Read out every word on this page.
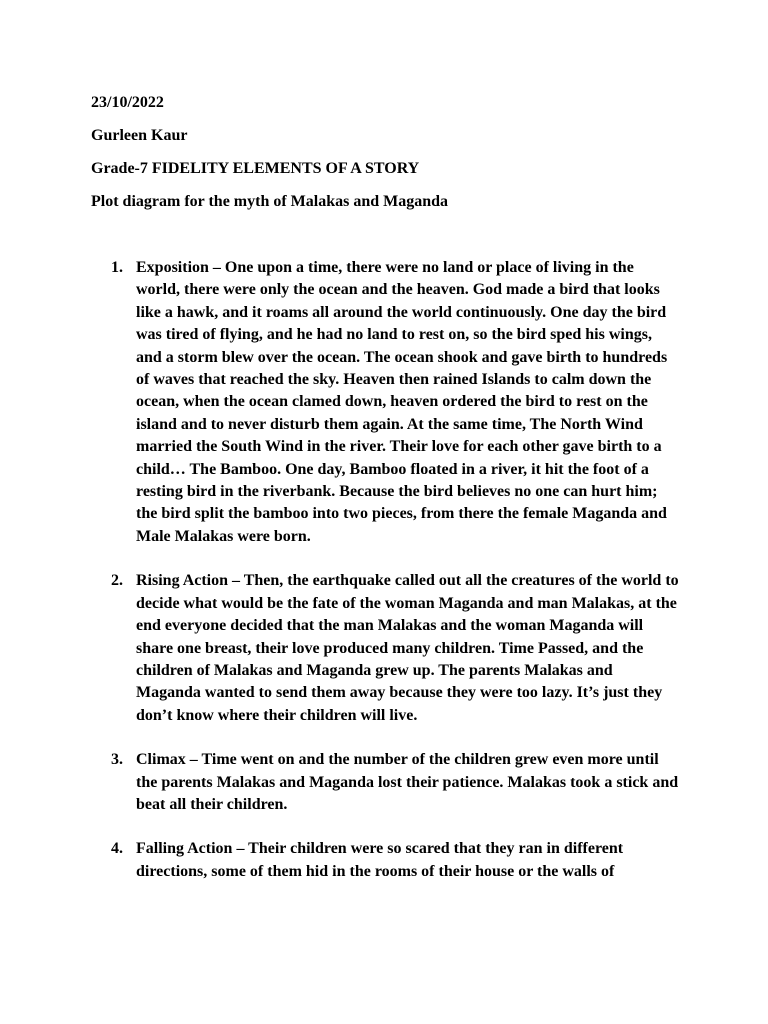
23/10/2022
Gurleen Kaur
Grade-7 FIDELITY ELEMENTS OF A STORY
Plot diagram for the myth of Malakas and Maganda
1. Exposition – One upon a time, there were no land or place of living in the world, there were only the ocean and the heaven. God made a bird that looks like a hawk, and it roams all around the world continuously. One day the bird was tired of flying, and he had no land to rest on, so the bird sped his wings, and a storm blew over the ocean. The ocean shook and gave birth to hundreds of waves that reached the sky. Heaven then rained Islands to calm down the ocean, when the ocean clamed down, heaven ordered the bird to rest on the island and to never disturb them again. At the same time, The North Wind married the South Wind in the river. Their love for each other gave birth to a child… The Bamboo. One day, Bamboo floated in a river, it hit the foot of a resting bird in the riverbank. Because the bird believes no one can hurt him; the bird split the bamboo into two pieces, from there the female Maganda and Male Malakas were born.
2. Rising Action – Then, the earthquake called out all the creatures of the world to decide what would be the fate of the woman Maganda and man Malakas, at the end everyone decided that the man Malakas and the woman Maganda will share one breast, their love produced many children. Time Passed, and the children of Malakas and Maganda grew up. The parents Malakas and Maganda wanted to send them away because they were too lazy. It’s just they don’t know where their children will live.
3. Climax – Time went on and the number of the children grew even more until the parents Malakas and Maganda lost their patience. Malakas took a stick and beat all their children.
4. Falling Action – Their children were so scared that they ran in different directions, some of them hid in the rooms of their house or the walls of
